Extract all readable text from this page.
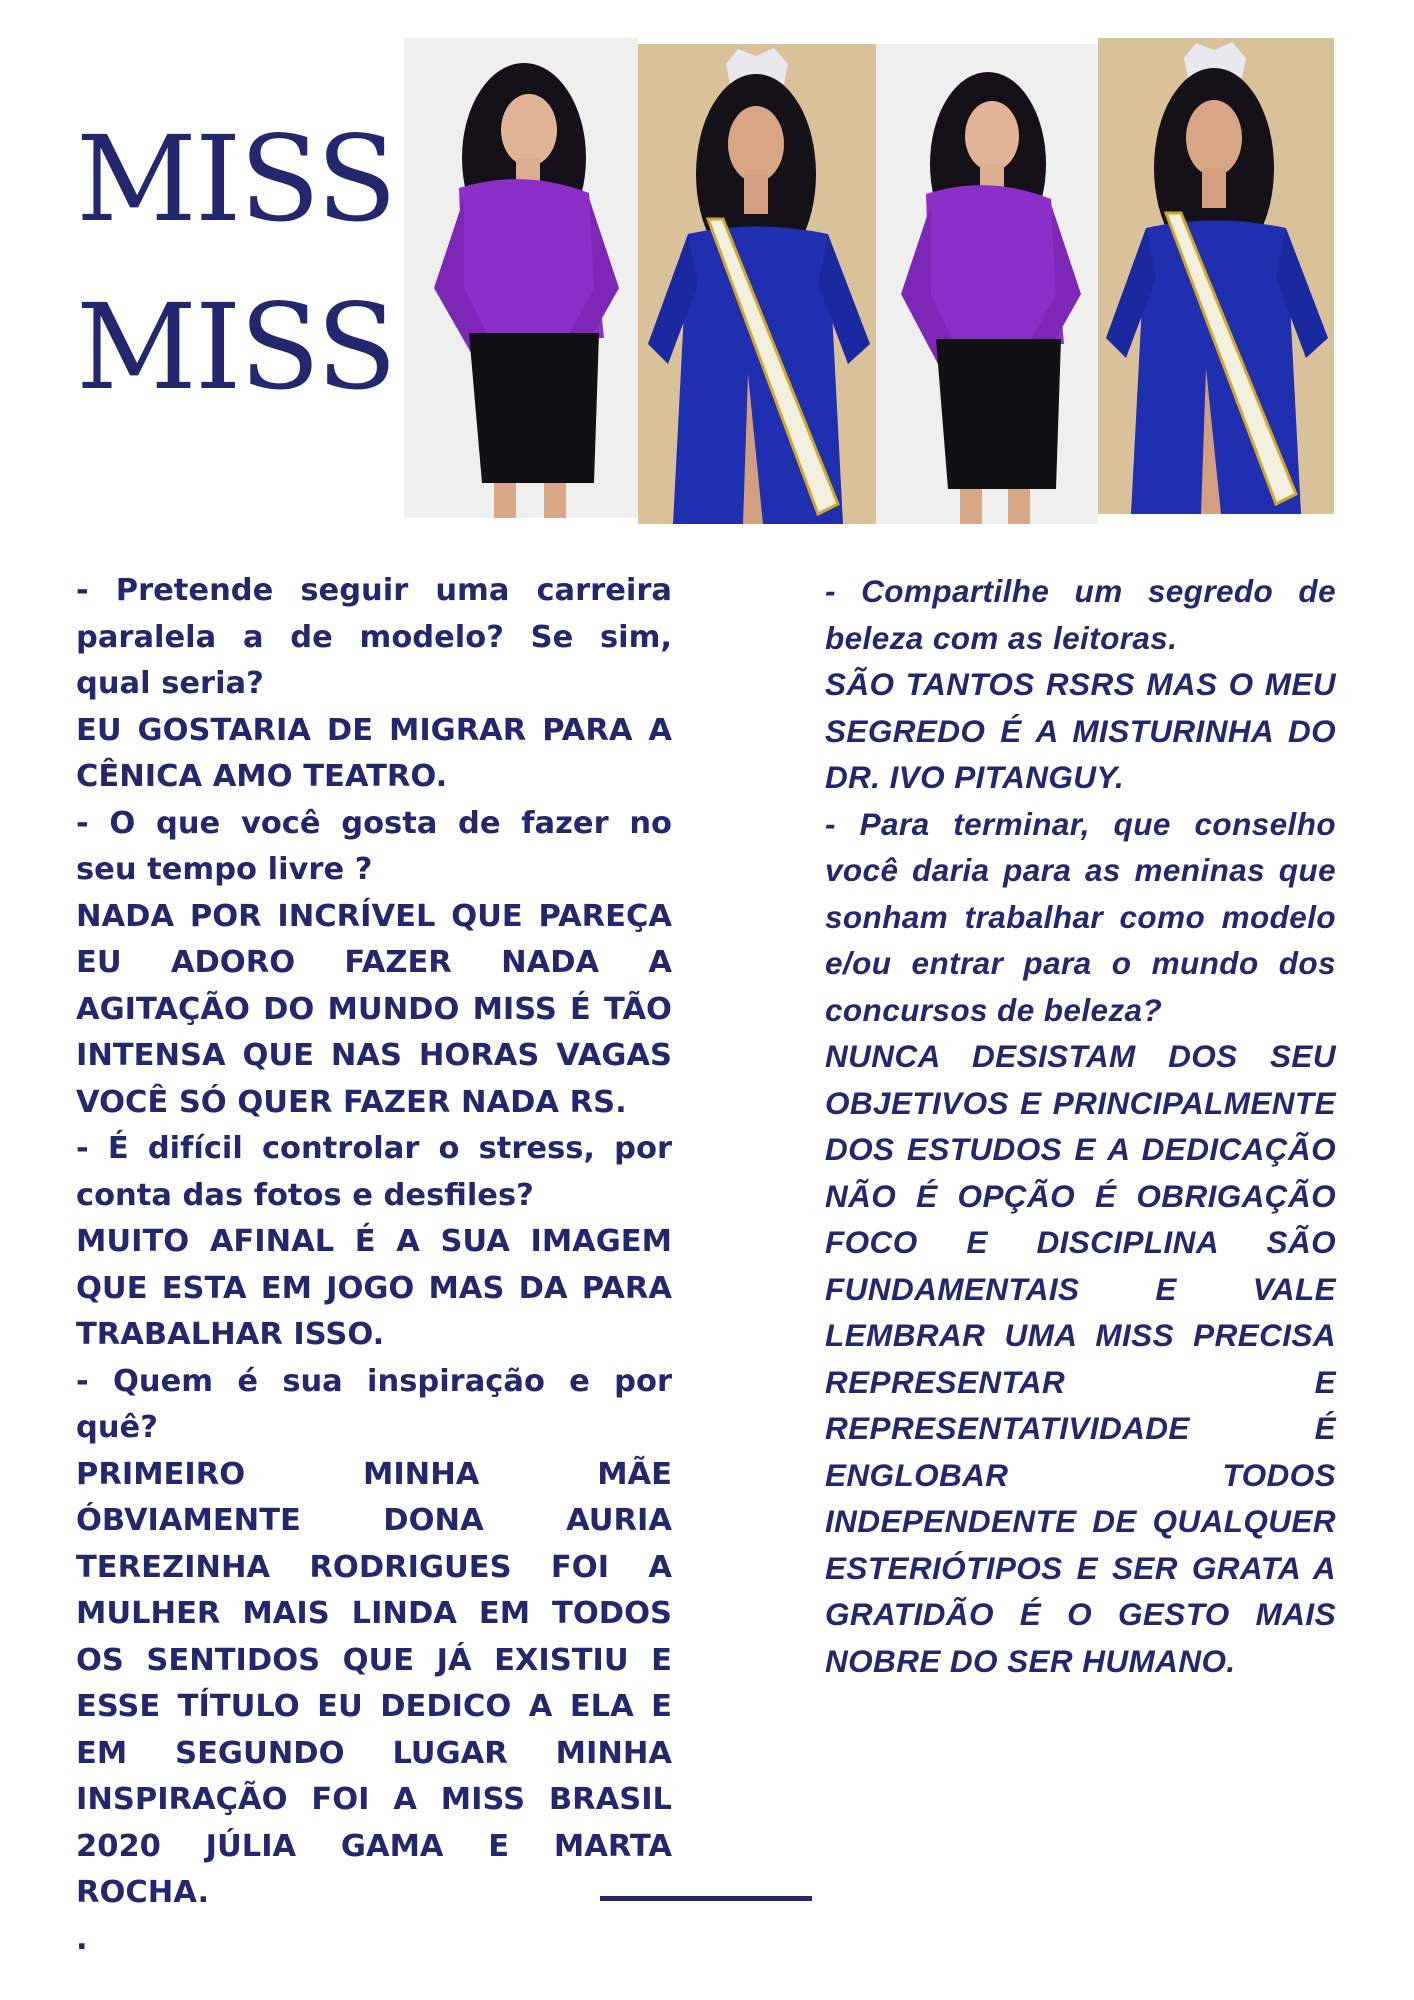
MISS
MISS

- Pretende seguir uma carreira paralela a de modelo? Se sim, qual seria?

EU GOSTARIA DE MIGRAR PARA A CÊNICA AMO TEATRO.

- O que você gosta de fazer no seu tempo livre ?

NADA POR INCRÍVEL QUE PAREÇA EU ADORO FAZER NADA A AGITAÇÃO DO MUNDO MISS É TÃO INTENSA QUE NAS HORAS VAGAS VOCÊ SÓ QUER FAZER NADA RS.

- É difícil controlar o stress, por conta das fotos e desfiles?

MUITO AFINAL É A SUA IMAGEM QUE ESTA EM JOGO MAS DA PARA TRABALHAR ISSO.

- Quem é sua inspiração e por quê?

PRIMEIRO MINHA MÃE ÓBVIAMENTE DONA AURIA TEREZINHA RODRIGUES FOI A MULHER MAIS LINDA EM TODOS OS SENTIDOS QUE JÁ EXISTIU E ESSE TÍTULO EU DEDICO A ELA E EM SEGUNDO LUGAR MINHA INSPIRAÇÃO FOI A MISS BRASIL 2020 JÚLIA GAMA E MARTA ROCHA.

.

- Compartilhe um segredo de beleza com as leitoras.

SÃO TANTOS RSRS MAS O MEU SEGREDO É A MISTURINHA DO DR. IVO PITANGUY.

- Para terminar, que conselho você daria para as meninas que sonham trabalhar como modelo e/ou entrar para o mundo dos concursos de beleza?

NUNCA DESISTAM DOS SEU OBJETIVOS E PRINCIPALMENTE DOS ESTUDOS E A DEDICAÇÃO NÃO É OPÇÃO É OBRIGAÇÃO FOCO E DISCIPLINA SÃO FUNDAMENTAIS E VALE LEMBRAR UMA MISS PRECISA REPRESENTAR E REPRESENTATIVIDADE É ENGLOBAR TODOS INDEPENDENTE DE QUALQUER ESTERIÓTIPOS E SER GRATA A GRATIDÃO É O GESTO MAIS NOBRE DO SER HUMANO.
